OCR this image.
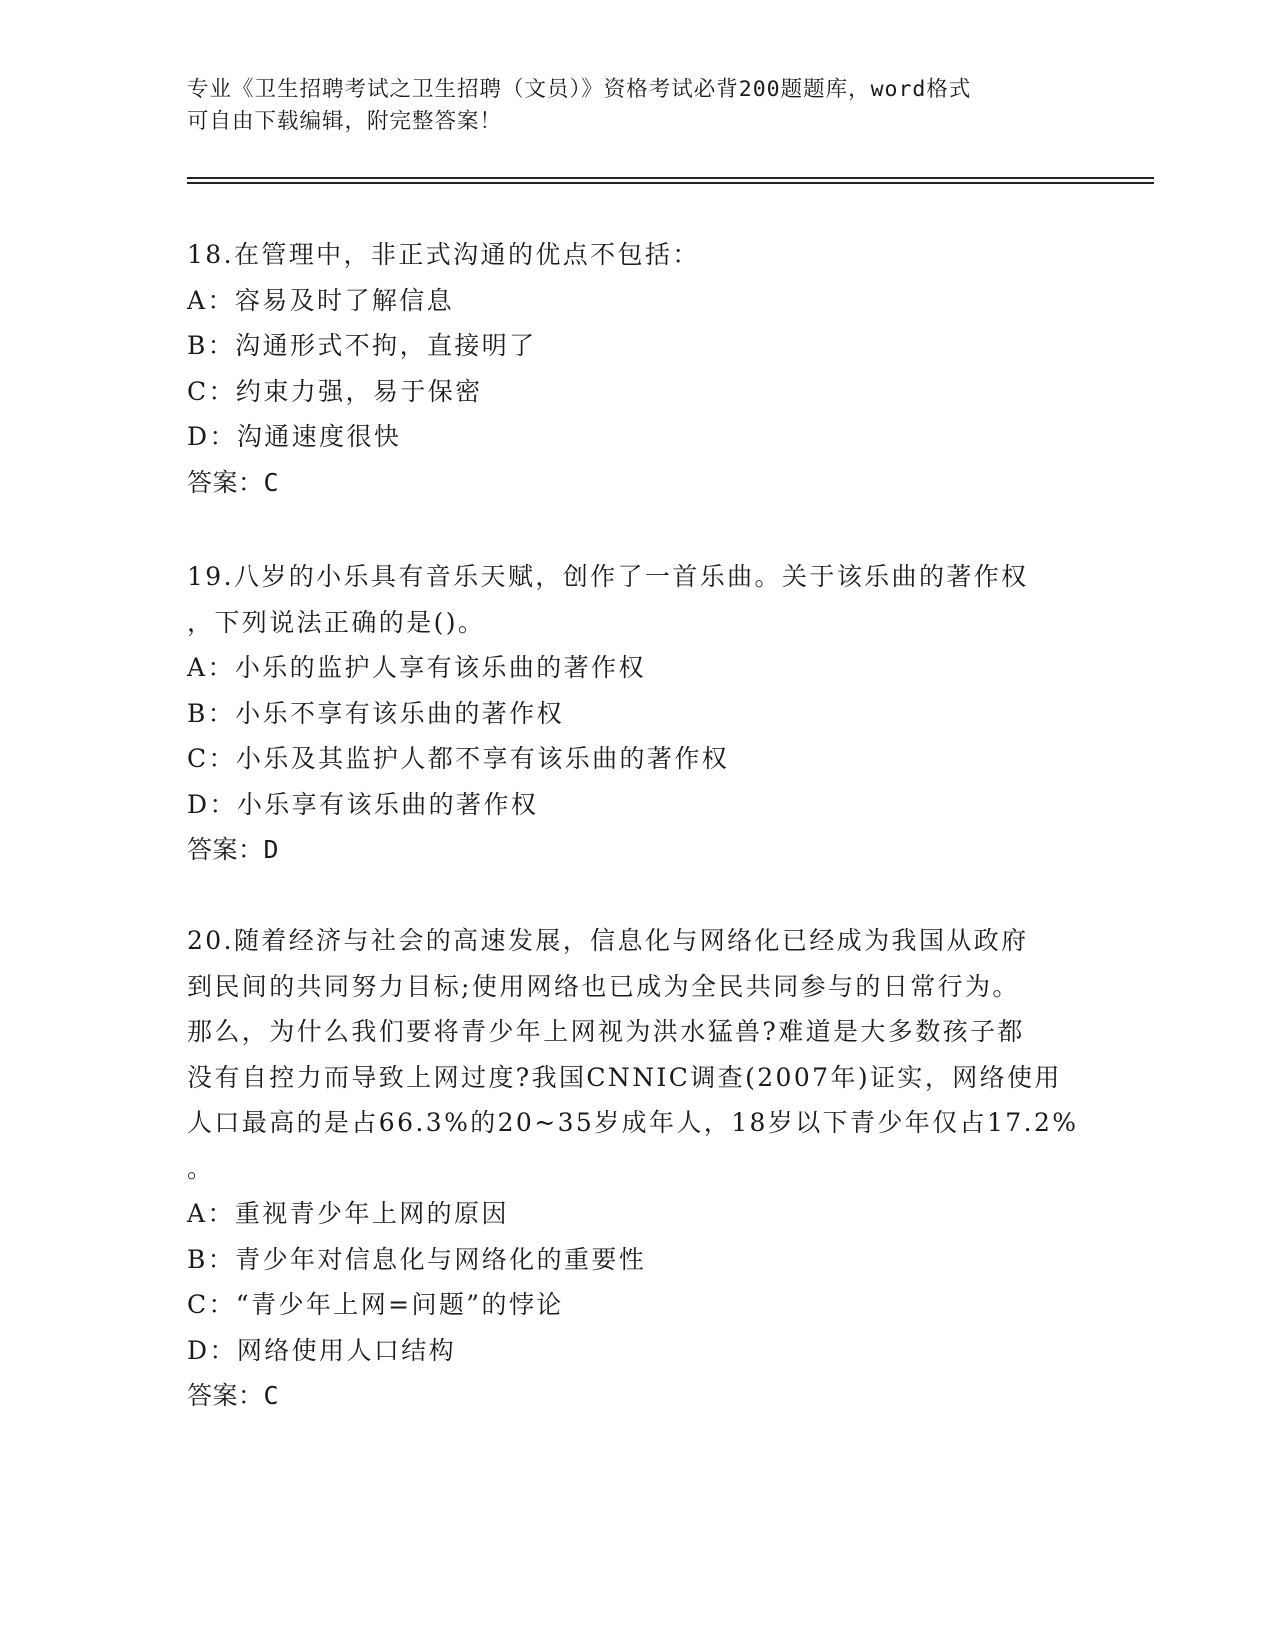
专业《卫生招聘考试之卫生招聘（文员）》资格考试必背200题题库，word格式
可自由下载编辑，附完整答案！
18.在管理中，非正式沟通的优点不包括：
A：容易及时了解信息
B：沟通形式不拘，直接明了
C：约束力强，易于保密
D：沟通速度很快
答案：C
19.八岁的小乐具有音乐天赋，创作了一首乐曲。关于该乐曲的著作权
，下列说法正确的是()。
A：小乐的监护人享有该乐曲的著作权
B：小乐不享有该乐曲的著作权
C：小乐及其监护人都不享有该乐曲的著作权
D：小乐享有该乐曲的著作权
答案：D
20.随着经济与社会的高速发展，信息化与网络化已经成为我国从政府
到民间的共同努力目标;使用网络也已成为全民共同参与的日常行为。
那么，为什么我们要将青少年上网视为洪水猛兽?难道是大多数孩子都
没有自控力而导致上网过度?我国CNNIC调查(2007年)证实，网络使用
人口最高的是占66.3%的20~35岁成年人，18岁以下青少年仅占17.2%
。
A：重视青少年上网的原因
B：青少年对信息化与网络化的重要性
C：“青少年上网=问题”的悖论
D：网络使用人口结构
答案：C
